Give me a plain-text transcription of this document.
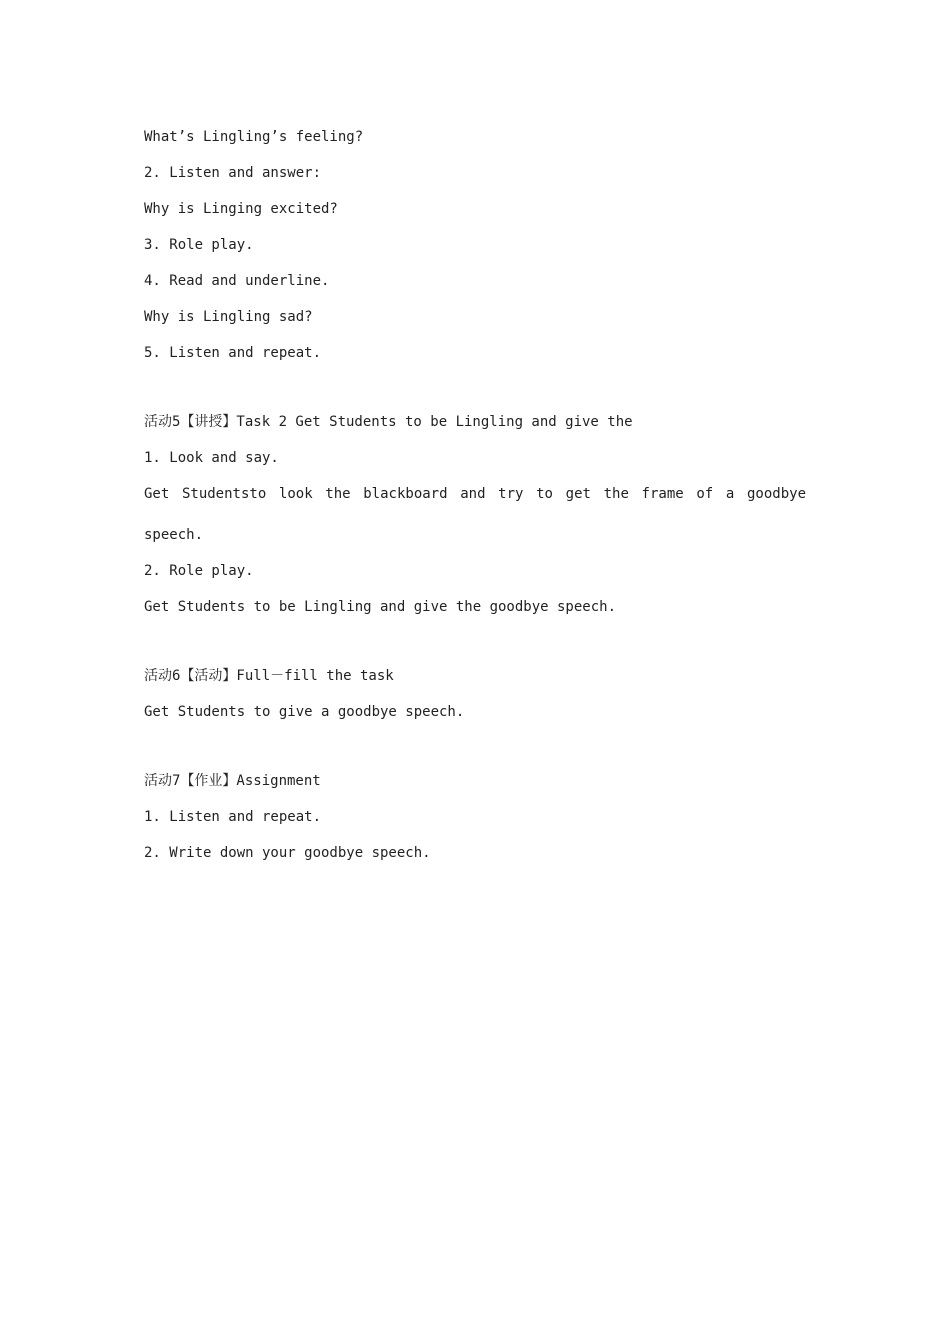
What’s Lingling’s feeling?
2. Listen and answer:
Why is Linging excited?
3. Role play.
4. Read and underline.
Why is Lingling sad?
5. Listen and repeat.
活动5【讲授】Task 2 Get Students to be Lingling and give the
1. Look and say.
Get Studentsto look the blackboard and try to get the frame of a goodbye
speech.
2. Role play.
Get Students to be Lingling and give the goodbye speech.
活动6【活动】Full－fill the task
Get Students to give a goodbye speech.
活动7【作业】Assignment
1. Listen and repeat.
2. Write down your goodbye speech.
